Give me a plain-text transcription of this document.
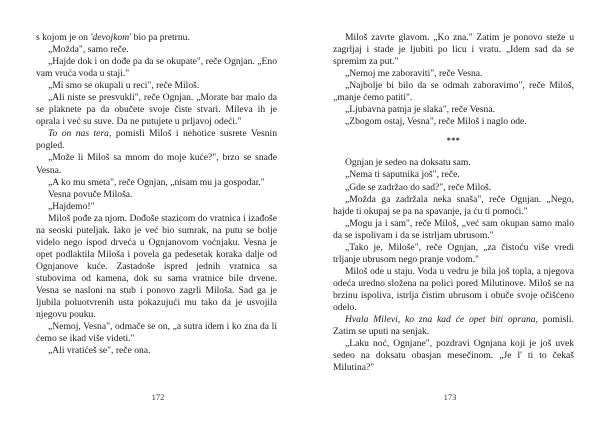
s kojom je on 'devojkom' bio pa pretrnu.

„Možda", samo reče.

„Hajde dok i on dođe pa da se okupate", reče Ognjan. „Eno vam vruća voda u staji."

„Mi smo se okupali u reci", reče Miloš.

„Ali niste se presvukli", reče Ognjan. „Morate bar malo da se plaknete pa da obučete svoje čiste stvari. Mileva ih je oprala i već su suve. Da ne putujete u prljavoj odeći."

To on nas tera, pomisli Miloš i nehotice susrete Vesnin pogled.

„Može li Miloš sa mnom do moje kuće?", brzo se snađe Vesna.

„A ko mu smeta", reče Ognjan, „nisam mu ja gospodar."

Vesna povuče Miloša.

„Hajdemo!"

Miloš pođe za njom. Dođoše stazicom do vratnica i izađoše na seoski puteljak. Iako je već bio sumrak, na putu se bolje videlo nego ispod drveća u Ognjanovom voćnjaku. Vesna je opet podlaktila Miloša i povela ga pedesetak koraka dalje od Ognjanove kuće. Zastadoše ispred jednih vratnica sa stubovima od kamena, dok su sama vratnice bile drvene. Vesna se nasloni na stub i ponovo zagrli Miloša. Sad ga je ljubila poluotvrenih usta pokazujući mu tako da je usvojila njegovu pouku.

„Nemoj, Vesna", odmače se on, „a sutra idem i ko zna da li ćemo se ikad više videti."

„Ali vratićeš se", reče ona.

172

Miloš zavrte glavom. „Ko zna." Zatim je ponovo steže u zagrljaj i stade je ljubiti po licu i vratu. „Idem sad da se spremim za put."

„Nemoj me zaboraviti", reče Vesna.

„Najbolje bi bilo da se odmah zaboravimo", reče Miloš, „manje ćemo patiti".

„Ljubavna patnja je slaka", reče Vesna.

„Zbogom ostaj, Vesna", reče Miloš i naglo ode.

***

Ognjan je sedeo na doksatu sam.

„Nema ti saputnika još", reče.

„Gde se zadržao do sad?", reče Miloš.

„Možda ga zadržala neka snaša", reče Ognjan. „Nego, hajde ti okupaj se pa na spavanje, ja ću ti pomoći."

„Mogu ja i sam", reče Miloš, „već sam okupan samo malo da se ispolivam i da se istrljam ubrusom."

„Tako je, Miloše", reče Ognjan, „za čistoću više vredi trljanje ubrusom nego pranje vodom."

Miloš ode u staju. Voda u vedru je bila još topla, a njegova odeća uredno složena na polici pored Milutinove. Miloš se na brzinu ispoliva, istrlja čistim ubrusom i obuče svoje očišćeno odelo.

Hvala Milevi, ko zna kad će opet biti oprana, pomisli. Zatim se uputi na senjak.

„Laku noć, Ognjane", pozdravi Ognjana koji je još uvek sedeo na doksatu obasjan mesečinom. „Je l' ti to čekaš Milutina?"

173
